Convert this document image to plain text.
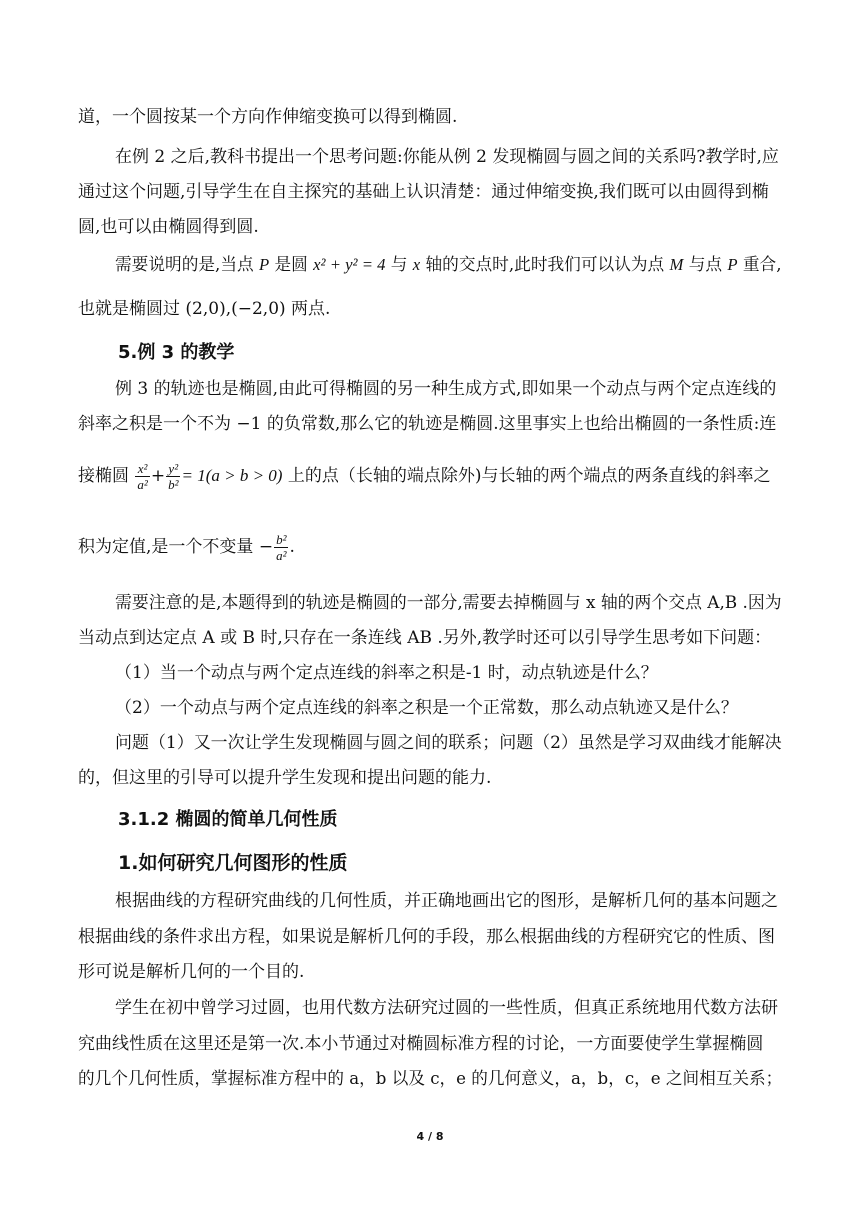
道，一个圆按某一个方向作伸缩变换可以得到椭圆.
在例 2 之后,教科书提出一个思考问题:你能从例 2 发现椭圆与圆之间的关系吗?教学时,应
通过这个问题,引导学生在自主探究的基础上认识清楚：通过伸缩变换,我们既可以由圆得到椭
圆,也可以由椭圆得到圆.
需要说明的是,当点 P 是圆 x² + y² = 4 与 x 轴的交点时,此时我们可以认为点 M 与点 P 重合,
也就是椭圆过 (2,0),(−2,0) 两点.
5.例 3 的教学
例 3 的轨迹也是椭圆,由此可得椭圆的另一种生成方式,即如果一个动点与两个定点连线的
斜率之积是一个不为 −1 的负常数,那么它的轨迹是椭圆.这里事实上也给出椭圆的一条性质:连
接椭圆 $\frac{\text{x²}}{\text{a²}} + \frac{\text{y²}}{\text{b²}} = 1(a > b > 0)$ 上的点（长轴的端点除外)与长轴的两个端点的两条直线的斜率之
积为定值,是一个不变量 − $\frac{\text{b²}}{\text{a²}}$ .
需要注意的是,本题得到的轨迹是椭圆的一部分,需要去掉椭圆与 x 轴的两个交点 A,B .因为
当动点到达定点 A 或 B 时,只存在一条连线 AB .另外,教学时还可以引导学生思考如下问题：
（1）当一个动点与两个定点连线的斜率之积是-1 时，动点轨迹是什么？
（2）一个动点与两个定点连线的斜率之积是一个正常数，那么动点轨迹又是什么？
问题（1）又一次让学生发现椭圆与圆之间的联系；问题（2）虽然是学习双曲线才能解决
的，但这里的引导可以提升学生发现和提出问题的能力.
3.1.2 椭圆的简单几何性质
1.如何研究几何图形的性质
根据曲线的方程研究曲线的几何性质，并正确地画出它的图形，是解析几何的基本问题之
根据曲线的条件求出方程，如果说是解析几何的手段，那么根据曲线的方程研究它的性质、图
形可说是解析几何的一个目的.
学生在初中曾学习过圆，也用代数方法研究过圆的一些性质，但真正系统地用代数方法研
究曲线性质在这里还是第一次.本小节通过对椭圆标准方程的讨论，一方面要使学生掌握椭圆
的几个几何性质，掌握标准方程中的 a，b 以及 c，e 的几何意义，a，b，c，e 之间相互关系；
4 / 8
